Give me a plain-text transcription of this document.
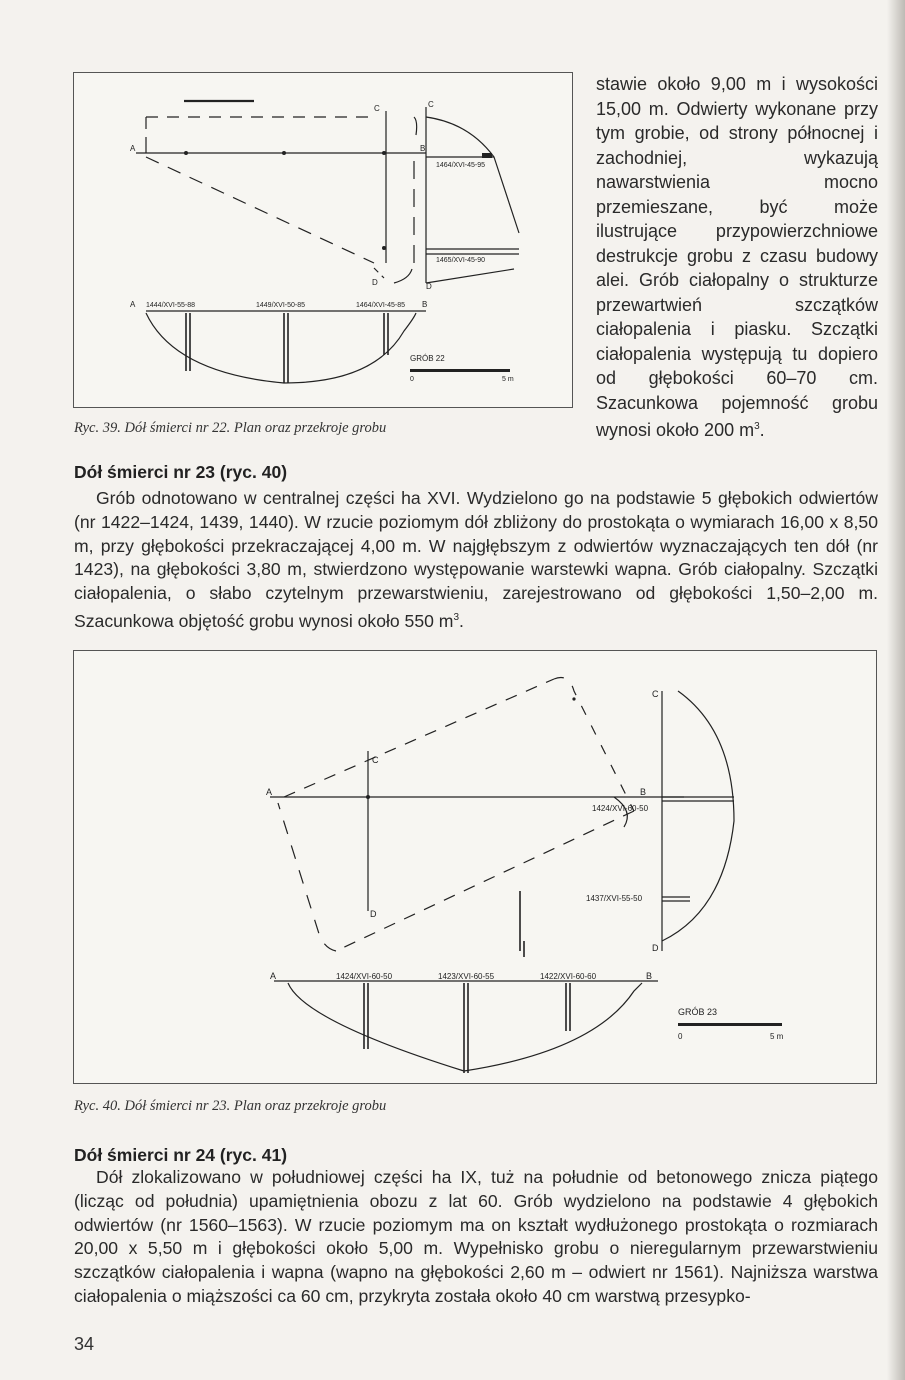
A	B
C	C
D	D
A	B
1444/XVI-55-88	1449/XVI-50-85	1464/XVI-45-85
1464/XVI-45-95
1465/XVI-45-90
GRÓB 22
0	5 m
Ryc. 39. Dół śmierci nr 22. Plan oraz przekroje grobu
stawie około 9,00 m i wysokości 15,00 m. Odwierty wykonane przy tym grobie, od strony północnej i zachodniej, wykazują nawarstwienia mocno przemieszane, być może ilustrujące przypowierzchniowe destrukcje grobu z czasu budowy alei. Grób ciałopalny o strukturze przewartwień szczątków ciałopalenia i piasku. Szczątki ciałopalenia występują tu dopiero od głębokości 60–70 cm. Szacunkowa pojemność grobu wynosi około 200 $m^3$.
Dół śmierci nr 23 (ryc. 40)
Grób odnotowano w centralnej części ha XVI. Wydzielono go na podstawie 5 głębokich odwiertów (nr 1422–1424, 1439, 1440). W rzucie poziomym dół zbliżony do prostokąta o wymiarach 16,00 x 8,50 m, przy głębokości przekraczającej 4,00 m. W najgłębszym z odwiertów wyznaczających ten dół (nr 1423), na głębokości 3,80 m, stwierdzono występowanie warstewki wapna. Grób ciałopalny. Szczątki ciałopalenia, o słabo czytelnym przewarstwieniu, zarejestrowano od głębokości 1,50–2,00 m. Szacunkowa objętość grobu wynosi około 550 $m^3$.
A	B
C
C
D
D
A	B
1424/XVI-60-50
1437/XVI-55-50
1424/XVI-60-50	1423/XVI-60-55	1422/XVI-60-60
GRÓB 23
0	5 m
Ryc. 40. Dół śmierci nr 23. Plan oraz przekroje grobu
Dół śmierci nr 24 (ryc. 41)
Dół zlokalizowano w południowej części ha IX, tuż na południe od betonowego znicza piątego (licząc od południa) upamiętnienia obozu z lat 60. Grób wydzielono na podstawie 4 głębokich odwiertów (nr 1560–1563). W rzucie poziomym ma on kształt wydłużonego prostokąta o rozmiarach 20,00 x 5,50 m i głębokości około 5,00 m. Wypełnisko grobu o nieregularnym przewarstwieniu szczątków ciałopalenia i wapna (wapno na głębokości 2,60 m – odwiert nr 1561). Najniższa warstwa ciałopalenia o miąższości ca 60 cm, przykryta została około 40 cm warstwą przesypko-
34
